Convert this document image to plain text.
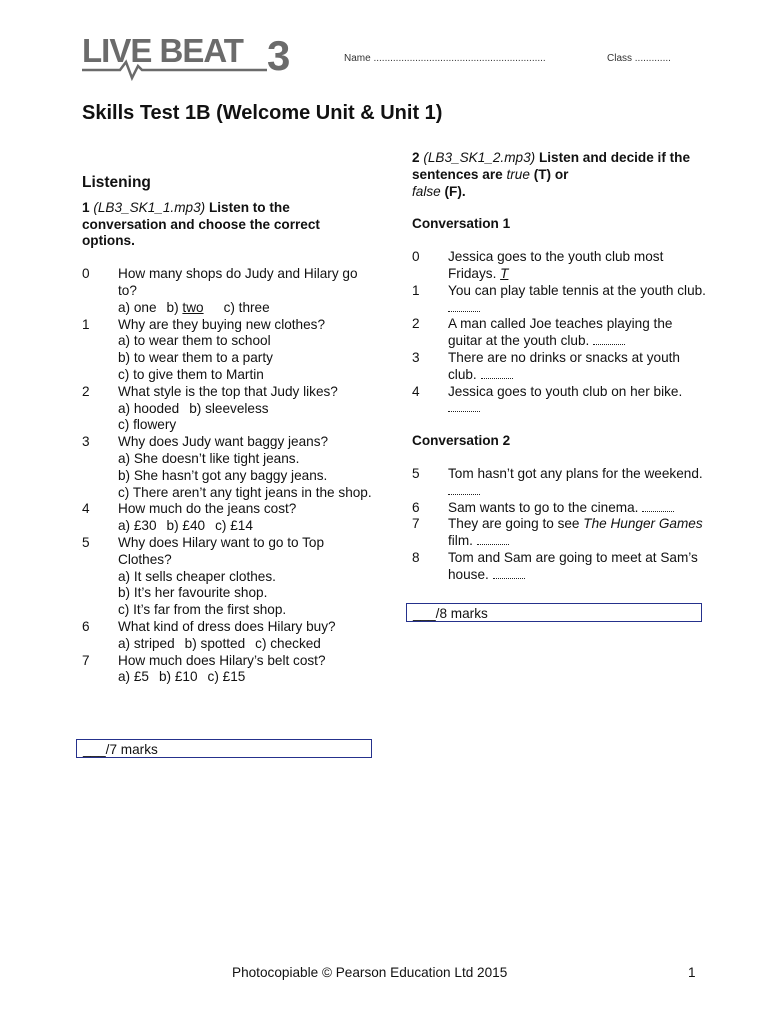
LIVE BEAT 3	Name ..............................................................	Class .............
Skills Test 1B (Welcome Unit & Unit 1)
Listening
1 (LB3_SK1_1.mp3) Listen to the conversation and choose the correct options.
0	How many shops do Judy and Hilary go to?
a) one b) two c) three
1	Why are they buying new clothes?
a) to wear them to school
b) to wear them to a party
c) to give them to Martin
2	What style is the top that Judy likes?
a) hooded b) sleeveless
c) flowery
3	Why does Judy want baggy jeans?
a) She doesn’t like tight jeans.
b) She hasn’t got any baggy jeans.
c) There aren’t any tight jeans in the shop.
4	How much do the jeans cost?
a) £30 b) £40 c) £14
5	Why does Hilary want to go to Top Clothes?
a) It sells cheaper clothes.
b) It’s her favourite shop.
c) It’s far from the first shop.
6	What kind of dress does Hilary buy?
a) striped b) spotted c) checked
7	How much does Hilary’s belt cost?
a) £5 b) £10 c) £15
___/7 marks
2 (LB3_SK1_2.mp3) Listen and decide if the sentences are true (T) or
false (F).
Conversation 1
0	Jessica goes to the youth club most Fridays. T
1	You can play table tennis at the youth club.
2	A man called Joe teaches playing the guitar at the youth club.
3	There are no drinks or snacks at youth club.
4	Jessica goes to youth club on her bike.
Conversation 2
5	Tom hasn’t got any plans for the weekend.
6	Sam wants to go to the cinema.
7	They are going to see The Hunger Games film.
8	Tom and Sam are going to meet at Sam’s house.
___/8 marks
Photocopiable © Pearson Education Ltd 2015	1
